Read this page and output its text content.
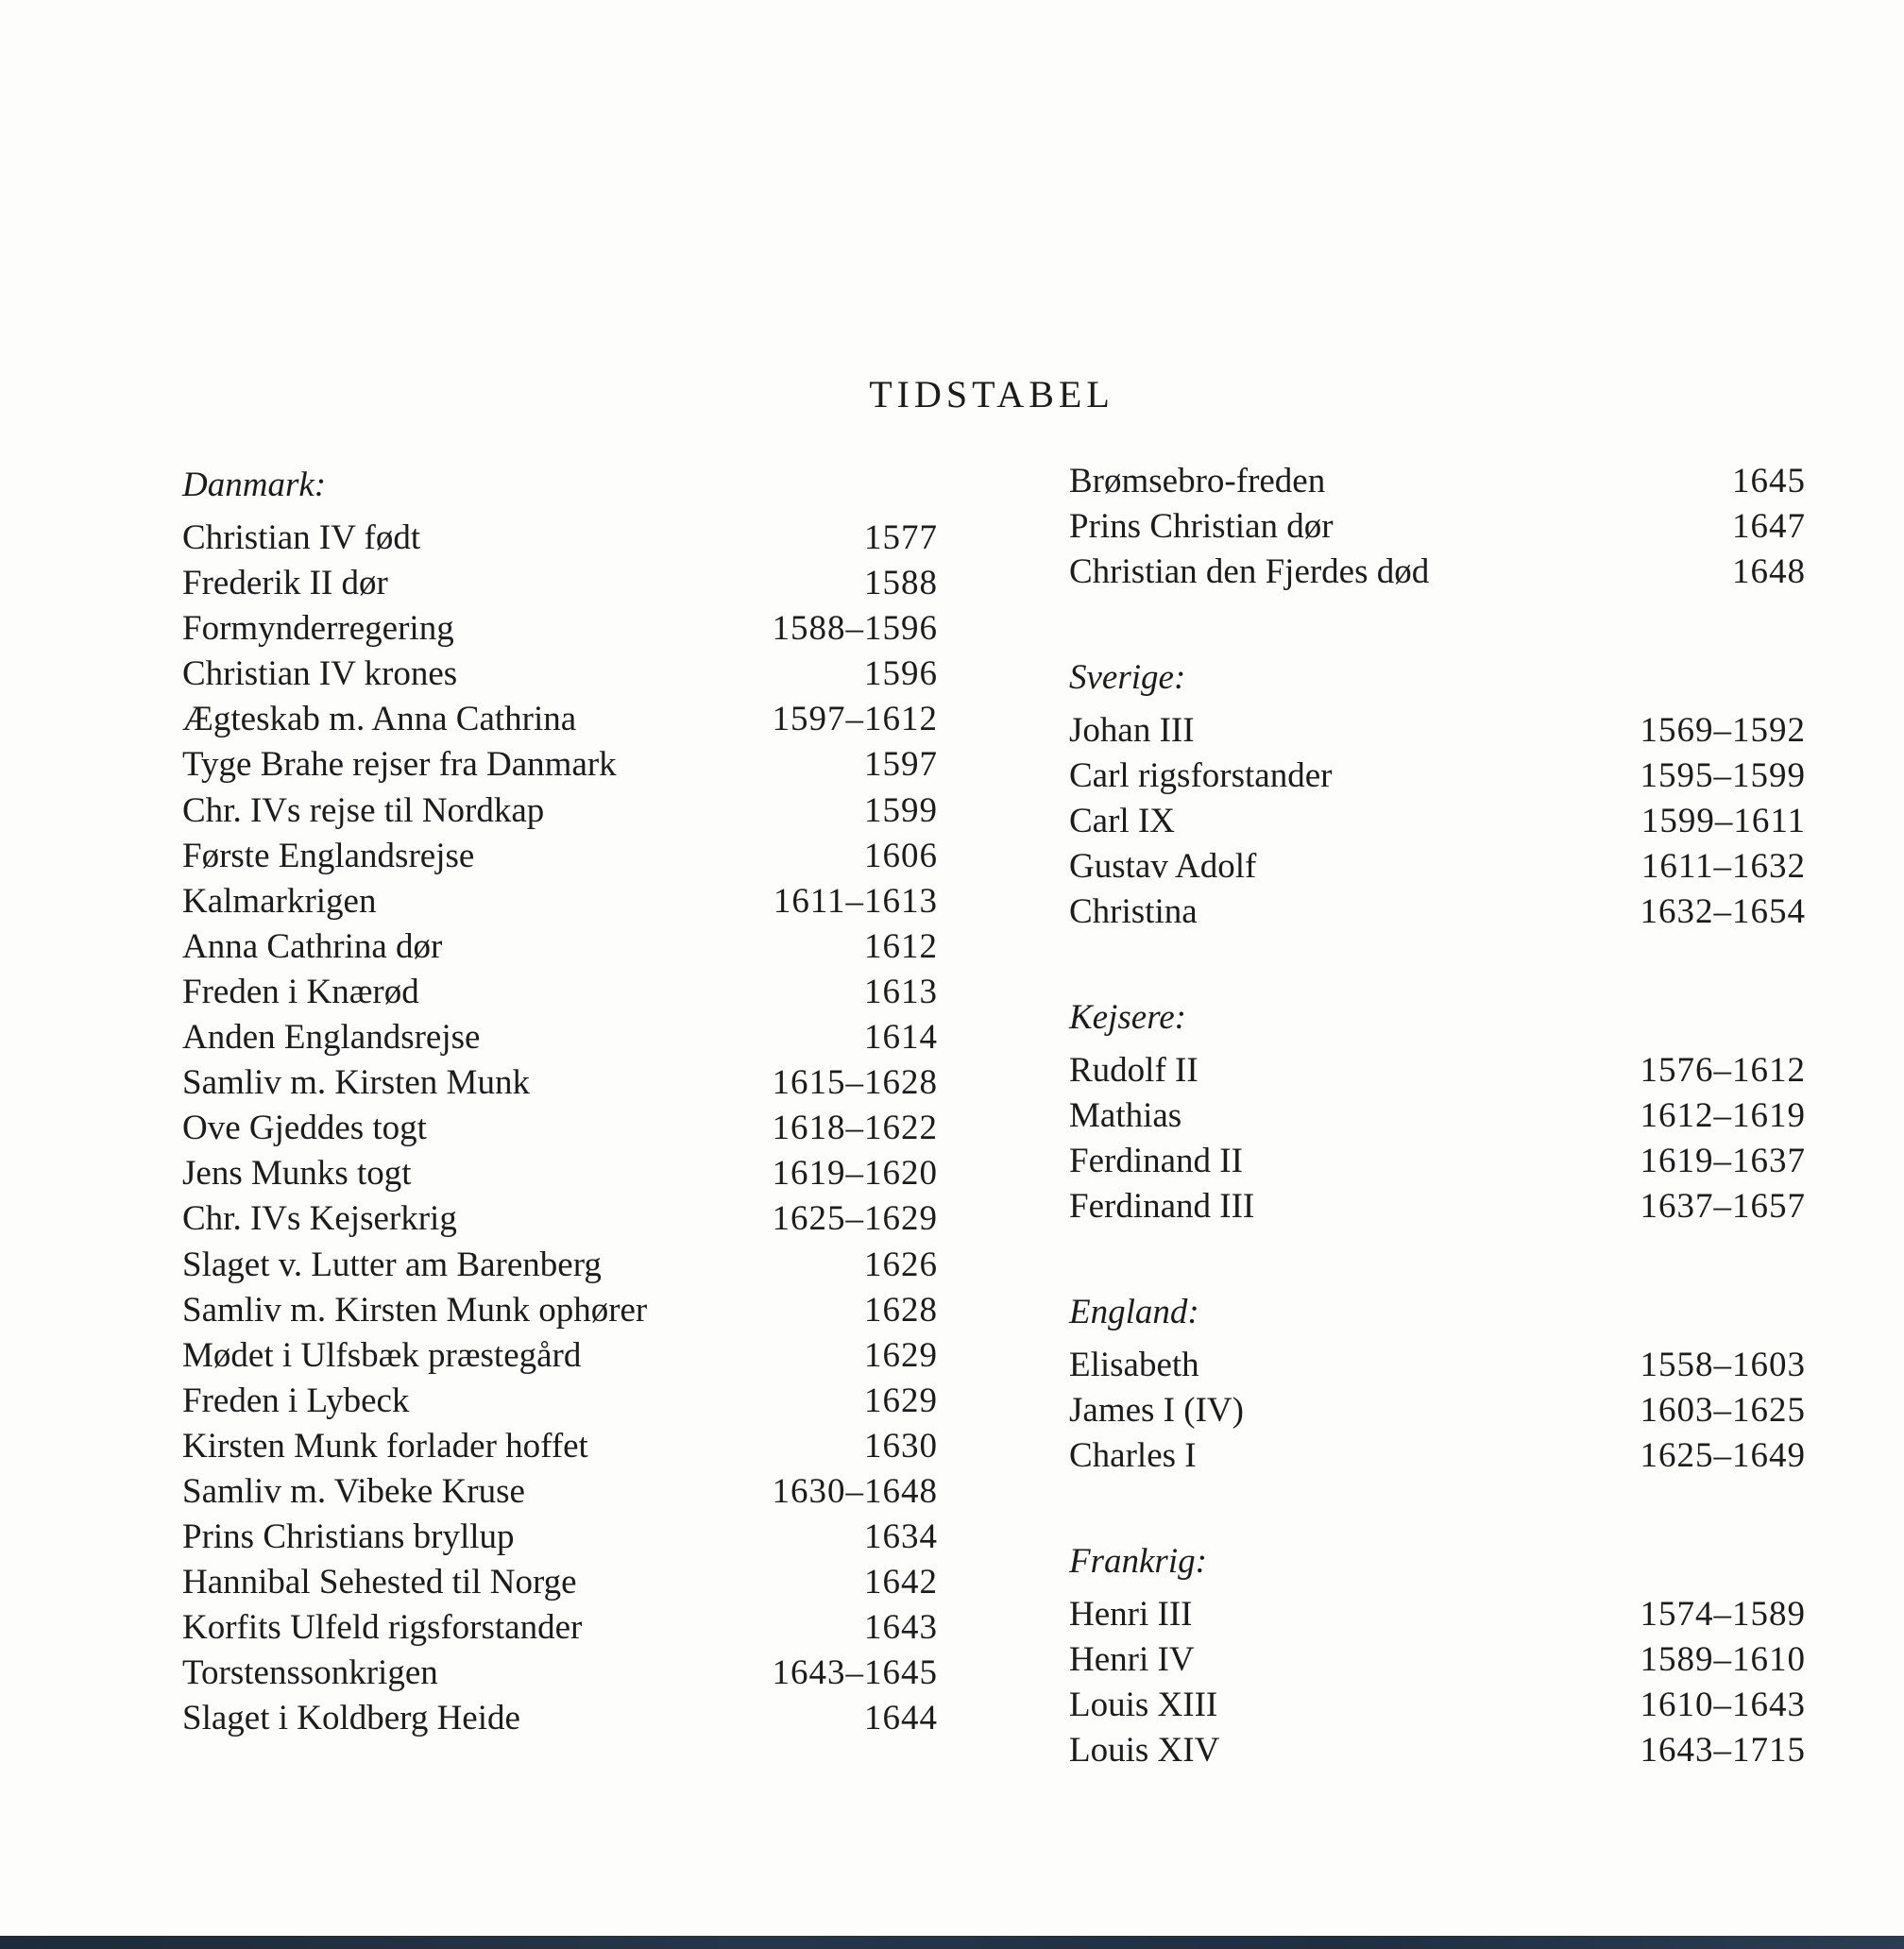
TIDSTABEL
Danmark:
Christian IV født	1577
Frederik II dør	1588
Formynderregering	1588–1596
Christian IV krones	1596
Ægteskab m. Anna Cathrina	1597–1612
Tyge Brahe rejser fra Danmark	1597
Chr. IVs rejse til Nordkap	1599
Første Englandsrejse	1606
Kalmarkrigen	1611–1613
Anna Cathrina dør	1612
Freden i Knærød	1613
Anden Englandsrejse	1614
Samliv m. Kirsten Munk	1615–1628
Ove Gjeddes togt	1618–1622
Jens Munks togt	1619–1620
Chr. IVs Kejserkrig	1625–1629
Slaget v. Lutter am Barenberg	1626
Samliv m. Kirsten Munk ophører	1628
Mødet i Ulfsbæk præstegård	1629
Freden i Lybeck	1629
Kirsten Munk forlader hoffet	1630
Samliv m. Vibeke Kruse	1630–1648
Prins Christians bryllup	1634
Hannibal Sehested til Norge	1642
Korfits Ulfeld rigsforstander	1643
Torstenssonkrigen	1643–1645
Slaget i Koldberg Heide	1644
Brømsebro-freden	1645
Prins Christian dør	1647
Christian den Fjerdes død	1648
Sverige:
Johan III	1569–1592
Carl rigsforstander	1595–1599
Carl IX	1599–1611
Gustav Adolf	1611–1632
Christina	1632–1654
Kejsere:
Rudolf II	1576–1612
Mathias	1612–1619
Ferdinand II	1619–1637
Ferdinand III	1637–1657
England:
Elisabeth	1558–1603
James I (IV)	1603–1625
Charles I	1625–1649
Frankrig:
Henri III	1574–1589
Henri IV	1589–1610
Louis XIII	1610–1643
Louis XIV	1643–1715
